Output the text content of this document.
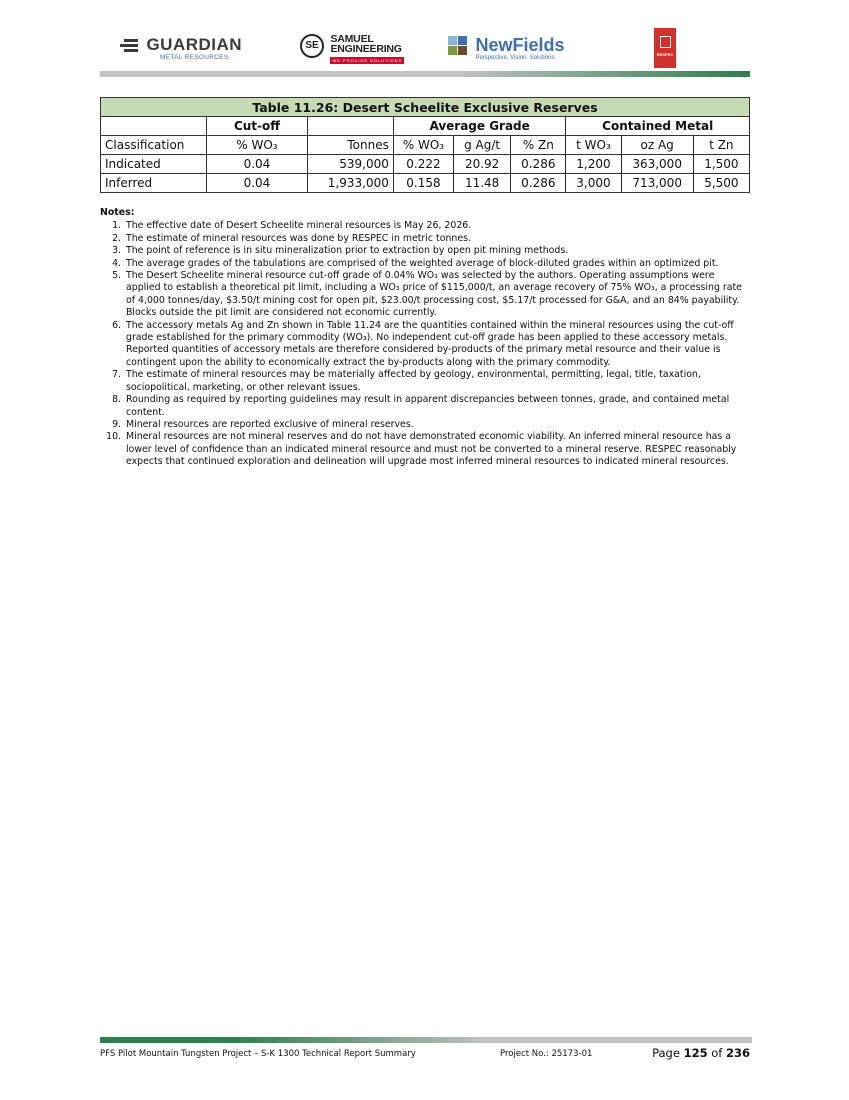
GUARDIAN
METAL RESOURCES
SE
SAMUEL
ENGINEERING
WE PROVIDE SOLUTIONS

NewFields
Perspective. Vision. Solutions.
RESPEC
Table 11.26: Desert Scheelite Exclusive Reserves								
	Cut-off		Average Grade			Contained Metal		
Classification	% WO₃	Tonnes	% WO₃	g Ag/t	% Zn	t WO₃	oz Ag	t Zn
Indicated	0.04	539,000	0.222	20.92	0.286	1,200	363,000	1,500
Inferred	0.04	1,933,000	0.158	11.48	0.286	3,000	713,000	5,500
Notes:
1. The effective date of Desert Scheelite mineral resources is May 26, 2026.
2. The estimate of mineral resources was done by RESPEC in metric tonnes.
3. The point of reference is in situ mineralization prior to extraction by open pit mining methods.
4. The average grades of the tabulations are comprised of the weighted average of block-diluted grades within an optimized pit.
5. The Desert Scheelite mineral resource cut-off grade of 0.04% WO₃ was selected by the authors. Operating assumptions were applied to establish a theoretical pit limit, including a WO₃ price of $115,000/t, an average recovery of 75% WO₃, a processing rate of 4,000 tonnes/day, $3.50/t mining cost for open pit, $23.00/t processing cost, $5.17/t processed for G&A, and an 84% payability. Blocks outside the pit limit are considered not economic currently.
6. The accessory metals Ag and Zn shown in Table 11.24 are the quantities contained within the mineral resources using the cut-off grade established for the primary commodity (WO₃). No independent cut-off grade has been applied to these accessory metals. Reported quantities of accessory metals are therefore considered by-products of the primary metal resource and their value is contingent upon the ability to economically extract the by-products along with the primary commodity.
7. The estimate of mineral resources may be materially affected by geology, environmental, permitting, legal, title, taxation, sociopolitical, marketing, or other relevant issues.
8. Rounding as required by reporting guidelines may result in apparent discrepancies between tonnes, grade, and contained metal content.
9. Mineral resources are reported exclusive of mineral reserves.
10. Mineral resources are not mineral reserves and do not have demonstrated economic viability. An inferred mineral resource has a lower level of confidence than an indicated mineral resource and must not be converted to a mineral reserve. RESPEC reasonably expects that continued exploration and delineation will upgrade most inferred mineral resources to indicated mineral resources.
PFS Pilot Mountain Tungsten Project – S-K 1300 Technical Report Summary	Project No.: 25173-01	Page 125 of 236
